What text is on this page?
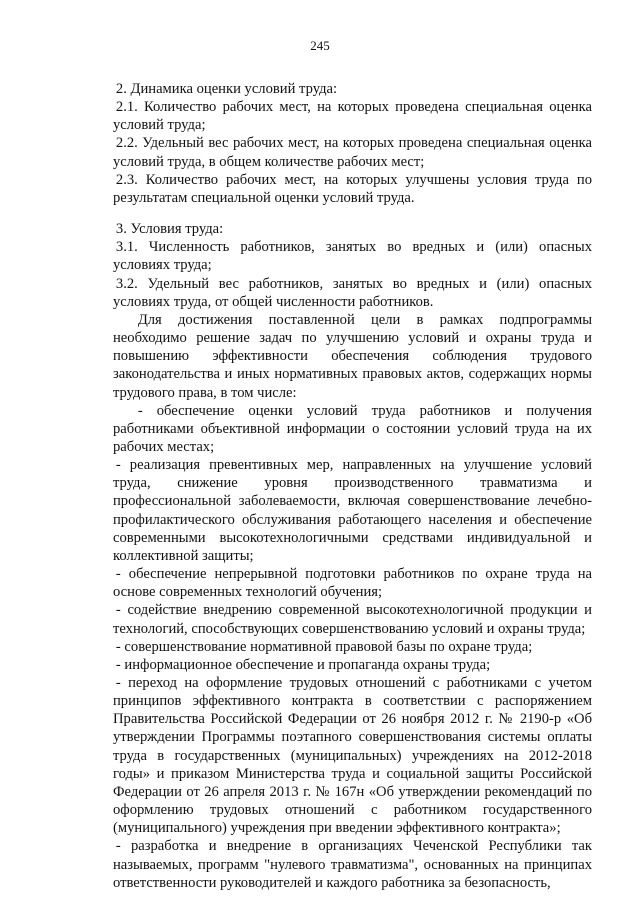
245

2. Динамика оценки условий труда:

2.1. Количество рабочих мест, на которых проведена специальная оценка условий труда;

2.2. Удельный вес рабочих мест, на которых проведена специальная оценка условий труда, в общем количестве рабочих мест;

2.3. Количество рабочих мест, на которых улучшены условия труда по результатам специальной оценки условий труда.

3. Условия труда:

3.1. Численность работников, занятых во вредных и (или) опасных условиях труда;

3.2. Удельный вес работников, занятых во вредных и (или) опасных условиях труда, от общей численности работников.

Для достижения поставленной цели в рамках подпрограммы необходимо решение задач по улучшению условий и охраны труда и повышению эффективности обеспечения соблюдения трудового законодательства и иных нормативных правовых актов, содержащих нормы трудового права, в том числе:

- обеспечение оценки условий труда работников и получения работниками объективной информации о состоянии условий труда на их рабочих местах;

- реализация превентивных мер, направленных на улучшение условий труда, снижение уровня производственного травматизма и профессиональной заболеваемости, включая совершенствование лечебно-профилактического обслуживания работающего населения и обеспечение современными высокотехнологичными средствами индивидуальной и коллективной защиты;

- обеспечение непрерывной подготовки работников по охране труда на основе современных технологий обучения;

- содействие внедрению современной высокотехнологичной продукции и технологий, способствующих совершенствованию условий и охраны труда;

- совершенствование нормативной правовой базы по охране труда;

- информационное обеспечение и пропаганда охраны труда;

- переход на оформление трудовых отношений с работниками с учетом принципов эффективного контракта в соответствии с распоряжением Правительства Российской Федерации от 26 ноября 2012 г. № 2190-р «Об утверждении Программы поэтапного совершенствования системы оплаты труда в государственных (муниципальных) учреждениях на 2012-2018 годы» и приказом Министерства труда и социальной защиты Российской Федерации от 26 апреля 2013 г. № 167н «Об утверждении рекомендаций по оформлению трудовых отношений с работником государственного (муниципального) учреждения при введении эффективного контракта»;

- разработка и внедрение в организациях Чеченской Республики так называемых, программ "нулевого травматизма", основанных на принципах ответственности руководителей и каждого работника за безопасность,
